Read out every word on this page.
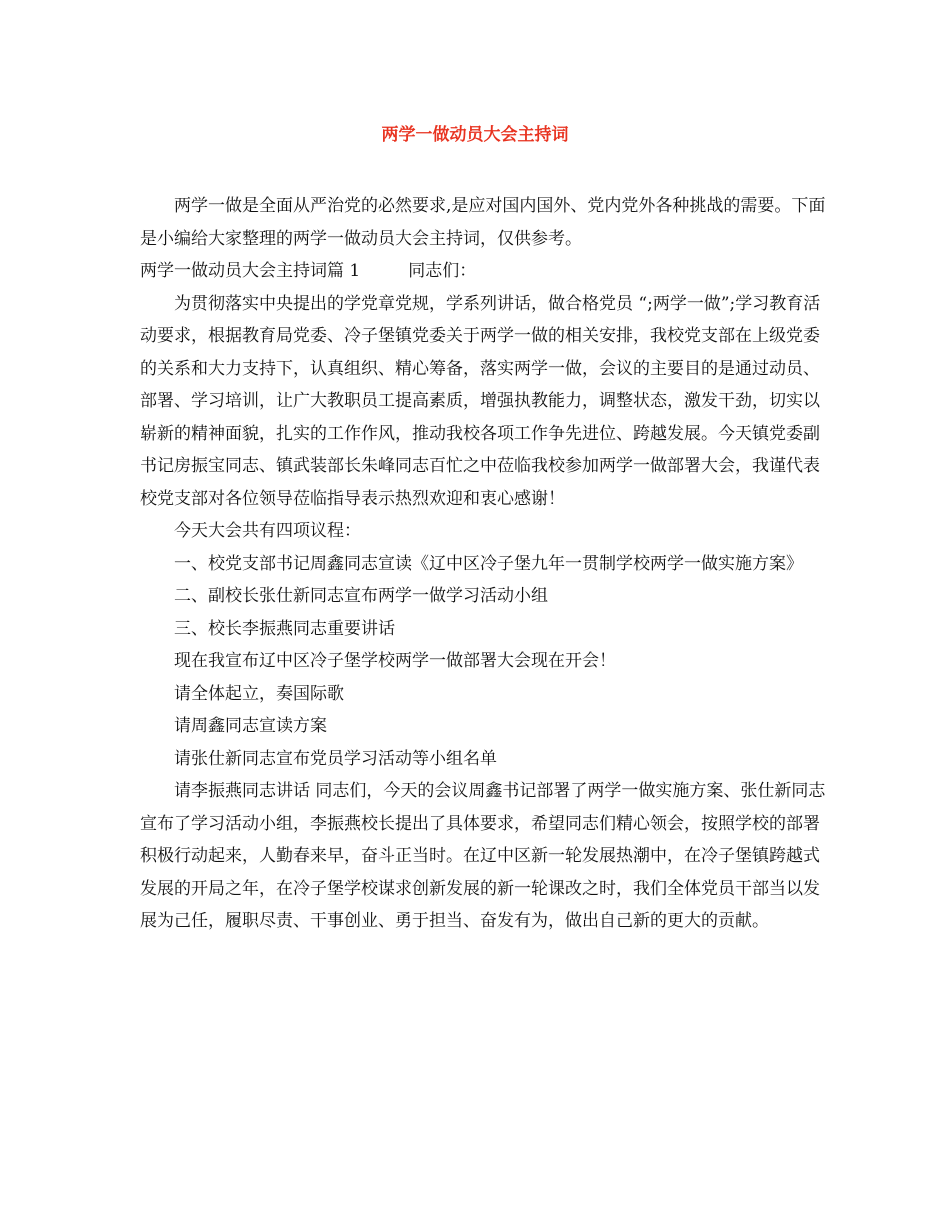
两学一做动员大会主持词

两学一做是全面从严治党的必然要求,是应对国内国外、党内党外各种挑战的需要。下面是小编给大家整理的两学一做动员大会主持词，仅供参考。

两学一做动员大会主持词篇 1	同志们：

为贯彻落实中央提出的学党章党规，学系列讲话，做合格党员 “;两学一做”;学习教育活动要求，根据教育局党委、冷子堡镇党委关于两学一做的相关安排，我校党支部在上级党委的关系和大力支持下，认真组织、精心筹备，落实两学一做，会议的主要目的是通过动员、部署、学习培训，让广大教职员工提高素质，增强执教能力，调整状态，激发干劲，切实以崭新的精神面貌，扎实的工作作风，推动我校各项工作争先进位、跨越发展。今天镇党委副书记房振宝同志、镇武装部长朱峰同志百忙之中莅临我校参加两学一做部署大会，我谨代表校党支部对各位领导莅临指导表示热烈欢迎和衷心感谢！

今天大会共有四项议程：

一、校党支部书记周鑫同志宣读《辽中区冷子堡九年一贯制学校两学一做实施方案》

二、副校长张仕新同志宣布两学一做学习活动小组

三、校长李振燕同志重要讲话

现在我宣布辽中区冷子堡学校两学一做部署大会现在开会！

请全体起立，奏国际歌

请周鑫同志宣读方案

请张仕新同志宣布党员学习活动等小组名单

请李振燕同志讲话 同志们，今天的会议周鑫书记部署了两学一做实施方案、张仕新同志宣布了学习活动小组，李振燕校长提出了具体要求，希望同志们精心领会，按照学校的部署积极行动起来，人勤春来早，奋斗正当时。在辽中区新一轮发展热潮中，在冷子堡镇跨越式发展的开局之年，在冷子堡学校谋求创新发展的新一轮课改之时，我们全体党员干部当以发展为己任，履职尽责、干事创业、勇于担当、奋发有为，做出自己新的更大的贡献。
